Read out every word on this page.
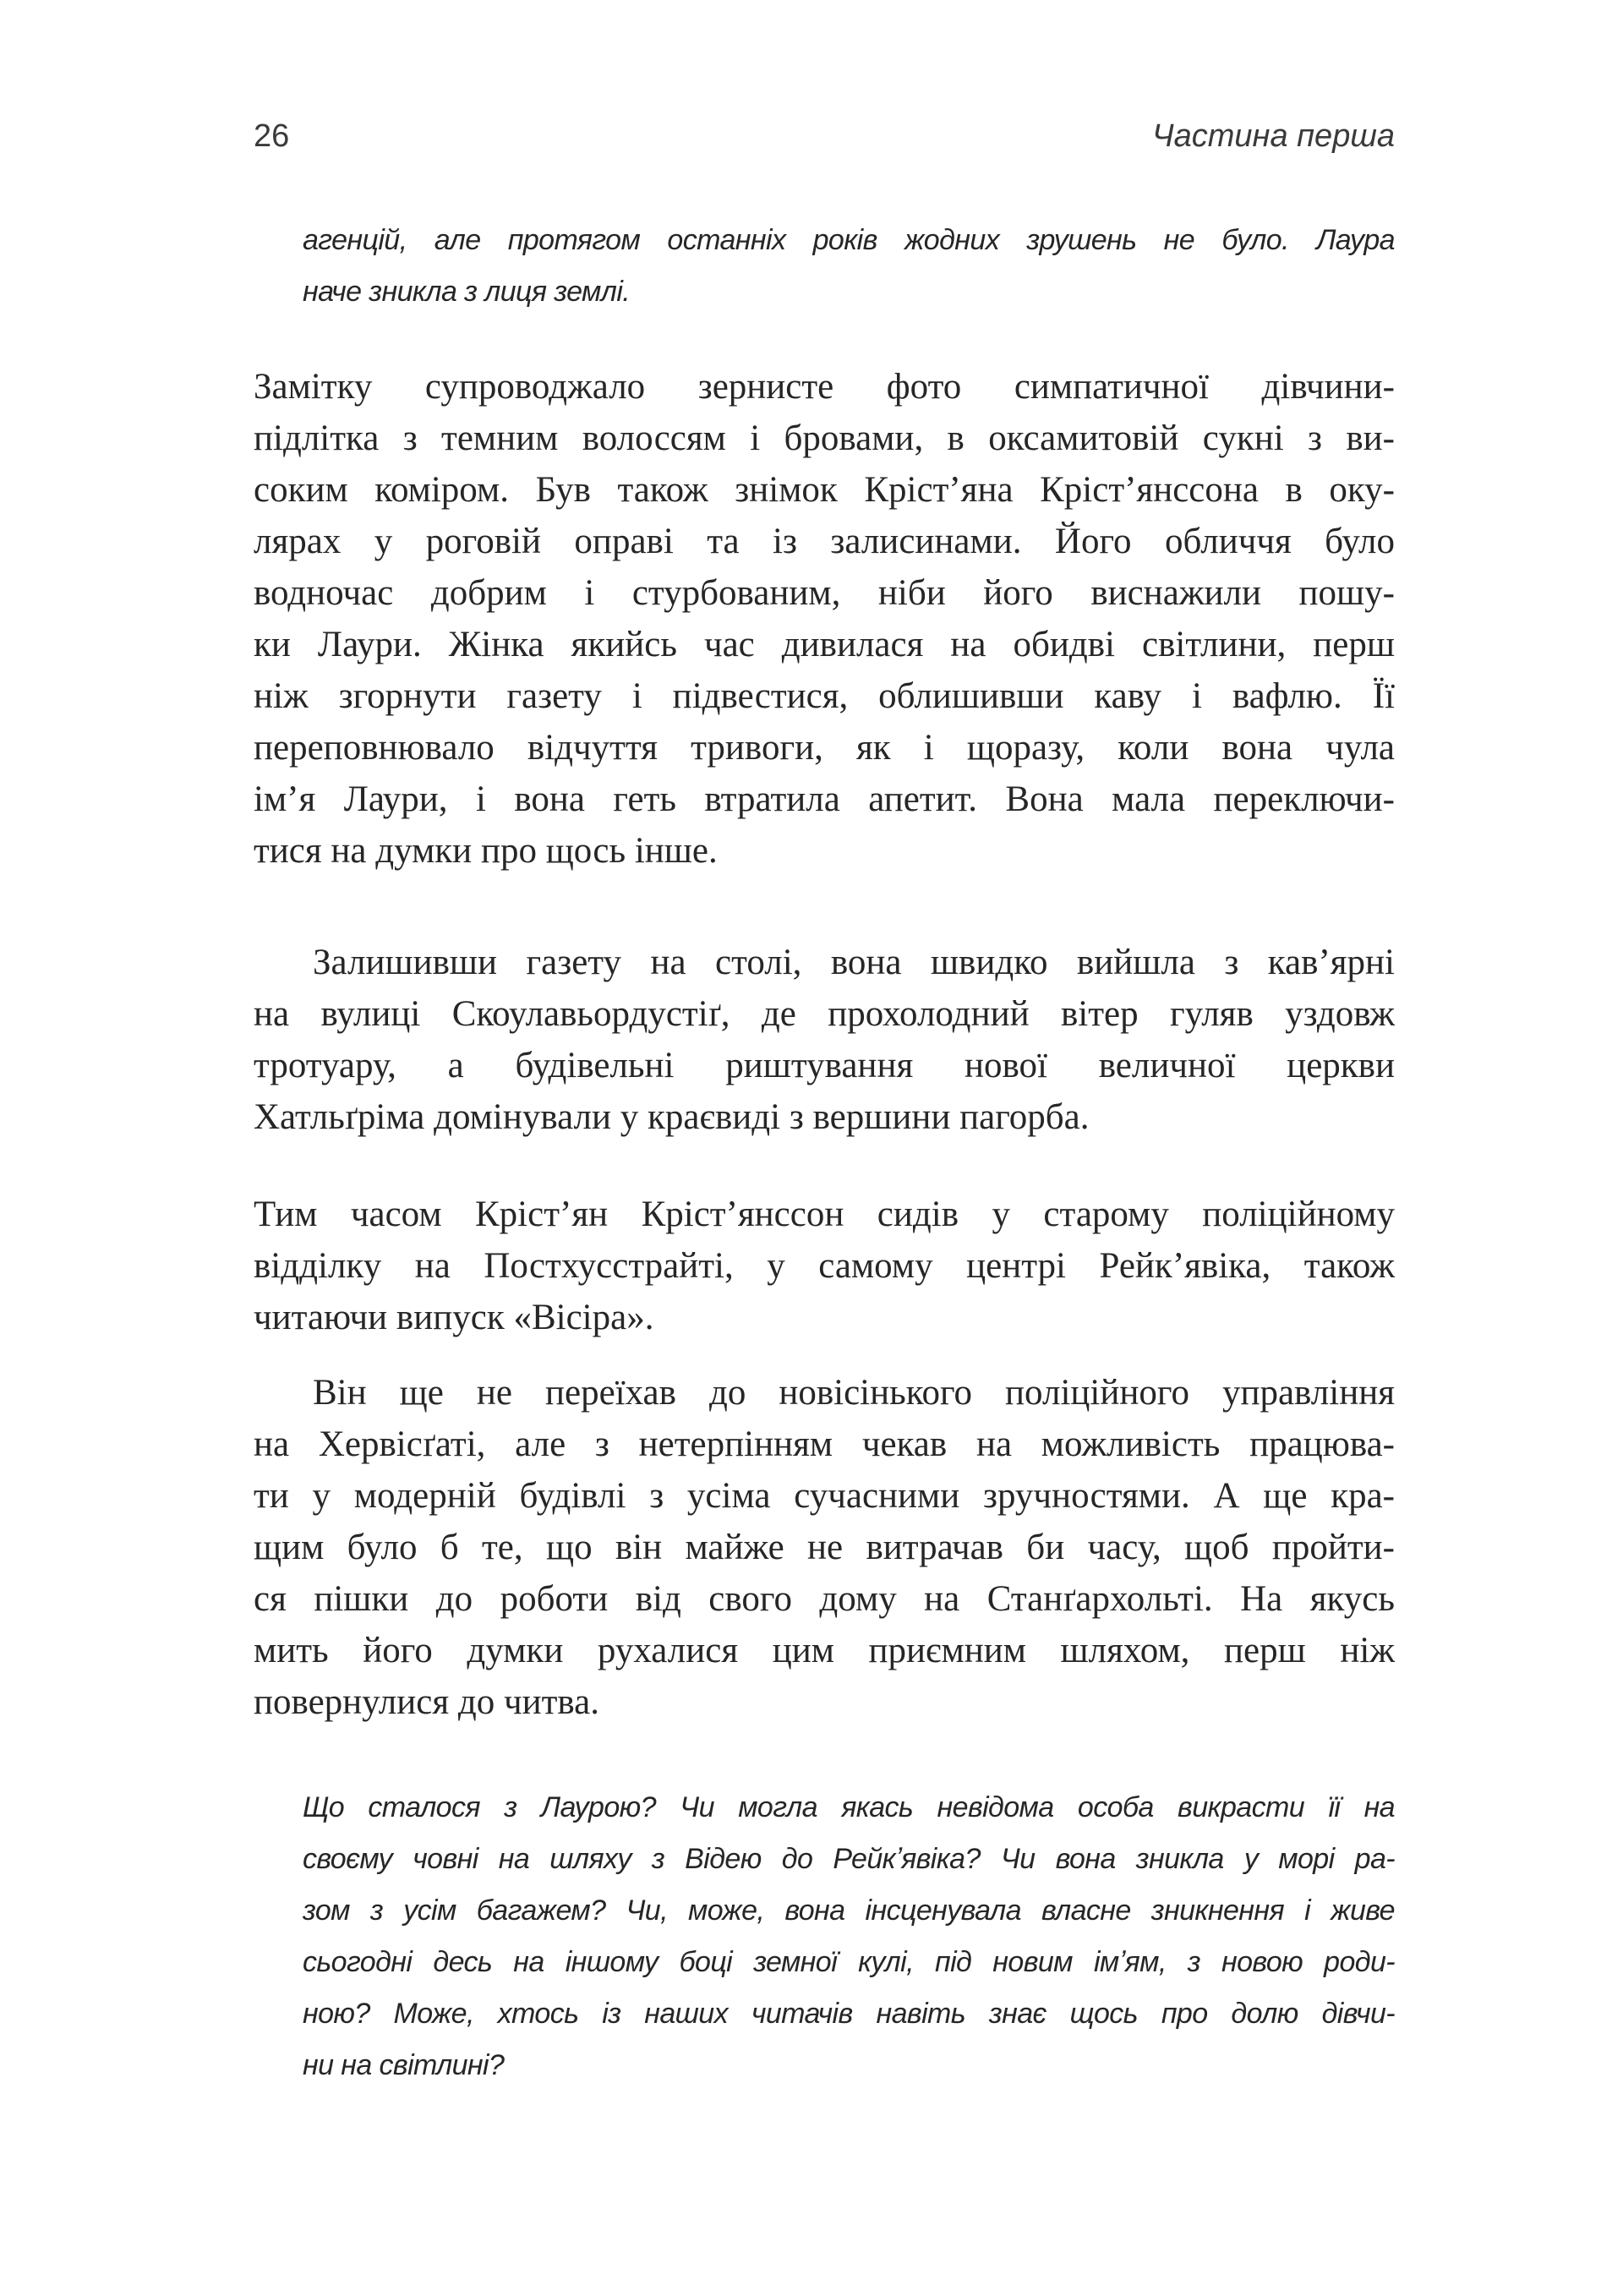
26	Частина перша
агенцій, але протягом останніх років жодних зрушень не було. Лаура
наче зникла з лиця землі.
Замітку супроводжало зернисте фото симпатичної дівчини-
підлітка з темним волоссям і бровами, в оксамитовій сукні з ви-
соким коміром. Був також знімок Крістʼяна Крістʼянссона в оку-
лярах у роговій оправі та із залисинами. Його обличчя було
водночас добрим і стурбованим, ніби його виснажили пошу-
ки Лаури. Жінка якийсь час дивилася на обидві світлини, перш
ніж згорнути газету і підвестися, облишивши каву і вафлю. Її
переповнювало відчуття тривоги, як і щоразу, коли вона чула
імʼя Лаури, і вона геть втратила апетит. Вона мала переключи-
тися на думки про щось інше.
Залишивши газету на столі, вона швидко вийшла з кавʼярні
на вулиці Скоулавьордустіґ, де прохолодний вітер гуляв уздовж
тротуару, а будівельні риштування нової величної церкви
Хатльґріма домінували у краєвиді з вершини пагорба.
Тим часом Крістʼян Крістʼянссон сидів у старому поліційному
відділку на Постхусстрайті, у самому центрі Рейкʼявіка, також
читаючи випуск «Вісіра».
Він ще не переїхав до новісінького поліційного управління
на Хервісґаті, але з нетерпінням чекав на можливість працюва-
ти у модерній будівлі з усіма сучасними зручностями. А ще кра-
щим було б те, що він майже не витрачав би часу, щоб пройти-
ся пішки до роботи від свого дому на Станґархольті. На якусь
мить його думки рухалися цим приємним шляхом, перш ніж
повернулися до читва.
Що сталося з Лаурою? Чи могла якась невідома особа викрасти її на
своєму човні на шляху з Відею до Рейкʼявіка? Чи вона зникла у морі ра-
зом з усім багажем? Чи, може, вона інсценувала власне зникнення і живе
сьогодні десь на іншому боці земної кулі, під новим імʼям, з новою роди-
ною? Може, хтось із наших читачів навіть знає щось про долю дівчи-
ни на світлині?
